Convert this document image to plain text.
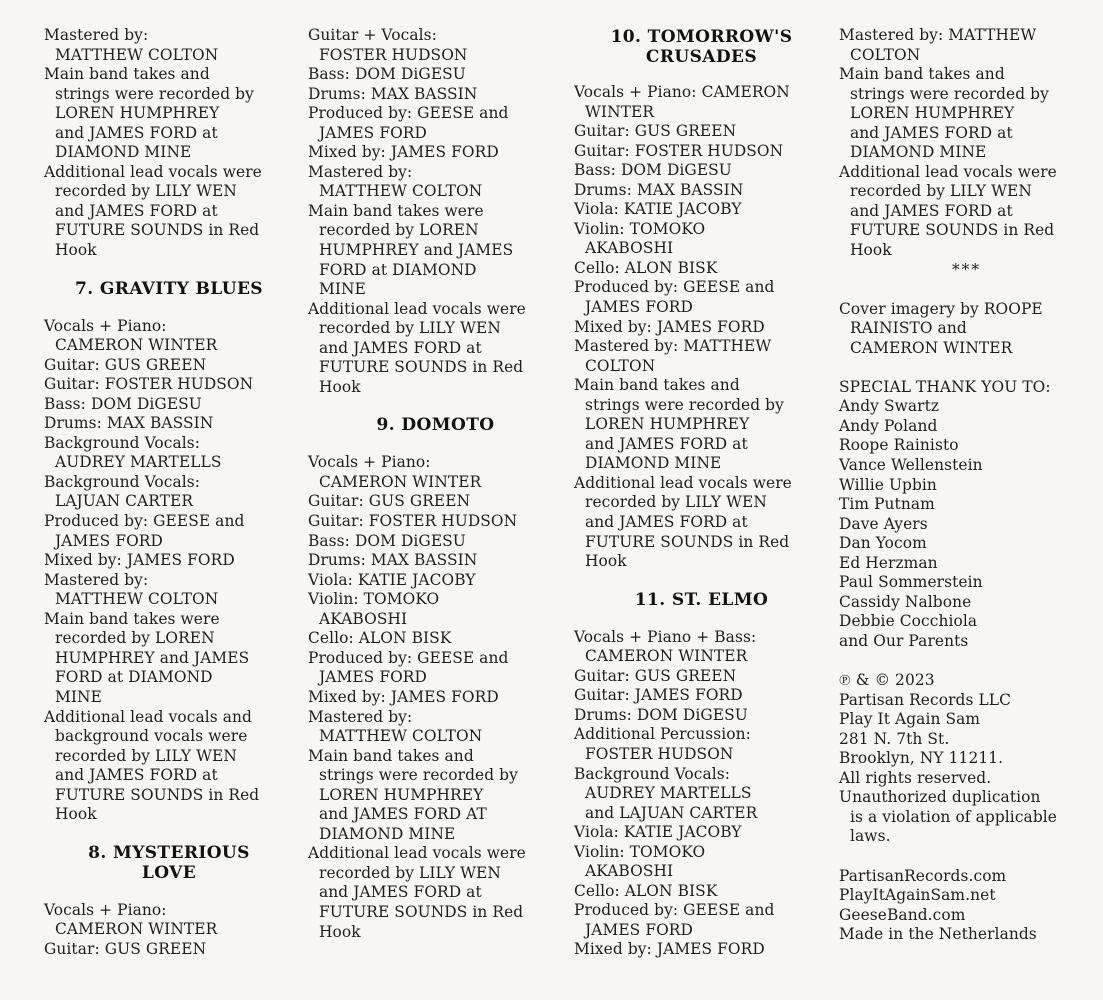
Mastered by:
MATTHEW COLTON
Main band takes and
strings were recorded by
LOREN HUMPHREY
and JAMES FORD at
DIAMOND MINE
Additional lead vocals were
recorded by LILY WEN
and JAMES FORD at
FUTURE SOUNDS in Red
Hook
7. GRAVITY BLUES
Vocals + Piano:
CAMERON WINTER
Guitar: GUS GREEN
Guitar: FOSTER HUDSON
Bass: DOM DiGESU
Drums: MAX BASSIN
Background Vocals:
AUDREY MARTELLS
Background Vocals:
LAJUAN CARTER
Produced by: GEESE and
JAMES FORD
Mixed by: JAMES FORD
Mastered by:
MATTHEW COLTON
Main band takes were
recorded by LOREN
HUMPHREY and JAMES
FORD at DIAMOND
MINE
Additional lead vocals and
background vocals were
recorded by LILY WEN
and JAMES FORD at
FUTURE SOUNDS in Red
Hook
8. MYSTERIOUS
LOVE
Vocals + Piano:
CAMERON WINTER
Guitar: GUS GREEN
Guitar + Vocals:
FOSTER HUDSON
Bass: DOM DiGESU
Drums: MAX BASSIN
Produced by: GEESE and
JAMES FORD
Mixed by: JAMES FORD
Mastered by:
MATTHEW COLTON
Main band takes were
recorded by LOREN
HUMPHREY and JAMES
FORD at DIAMOND
MINE
Additional lead vocals were
recorded by LILY WEN
and JAMES FORD at
FUTURE SOUNDS in Red
Hook
9. DOMOTO
Vocals + Piano:
CAMERON WINTER
Guitar: GUS GREEN
Guitar: FOSTER HUDSON
Bass: DOM DiGESU
Drums: MAX BASSIN
Viola: KATIE JACOBY
Violin: TOMOKO
AKABOSHI
Cello: ALON BISK
Produced by: GEESE and
JAMES FORD
Mixed by: JAMES FORD
Mastered by:
MATTHEW COLTON
Main band takes and
strings were recorded by
LOREN HUMPHREY
and JAMES FORD AT
DIAMOND MINE
Additional lead vocals were
recorded by LILY WEN
and JAMES FORD at
FUTURE SOUNDS in Red
Hook
10. TOMORROW'S
CRUSADES
Vocals + Piano: CAMERON
WINTER
Guitar: GUS GREEN
Guitar: FOSTER HUDSON
Bass: DOM DiGESU
Drums: MAX BASSIN
Viola: KATIE JACOBY
Violin: TOMOKO
AKABOSHI
Cello: ALON BISK
Produced by: GEESE and
JAMES FORD
Mixed by: JAMES FORD
Mastered by: MATTHEW
COLTON
Main band takes and
strings were recorded by
LOREN HUMPHREY
and JAMES FORD at
DIAMOND MINE
Additional lead vocals were
recorded by LILY WEN
and JAMES FORD at
FUTURE SOUNDS in Red
Hook
11. ST. ELMO
Vocals + Piano + Bass:
CAMERON WINTER
Guitar: GUS GREEN
Guitar: JAMES FORD
Drums: DOM DiGESU
Additional Percussion:
FOSTER HUDSON
Background Vocals:
AUDREY MARTELLS
and LAJUAN CARTER
Viola: KATIE JACOBY
Violin: TOMOKO
AKABOSHI
Cello: ALON BISK
Produced by: GEESE and
JAMES FORD
Mixed by: JAMES FORD
Mastered by: MATTHEW
COLTON
Main band takes and
strings were recorded by
LOREN HUMPHREY
and JAMES FORD at
DIAMOND MINE
Additional lead vocals were
recorded by LILY WEN
and JAMES FORD at
FUTURE SOUNDS in Red
Hook
***
Cover imagery by ROOPE
RAINISTO and
CAMERON WINTER
SPECIAL THANK YOU TO:
Andy Swartz
Andy Poland
Roope Rainisto
Vance Wellenstein
Willie Upbin
Tim Putnam
Dave Ayers
Dan Yocom
Ed Herzman
Paul Sommerstein
Cassidy Nalbone
Debbie Cocchiola
and Our Parents
℗ & © 2023
Partisan Records LLC
Play It Again Sam
281 N. 7th St.
Brooklyn, NY 11211.
All rights reserved.
Unauthorized duplication
is a violation of applicable
laws.
PartisanRecords.com
PlayItAgainSam.net
GeeseBand.com
Made in the Netherlands
